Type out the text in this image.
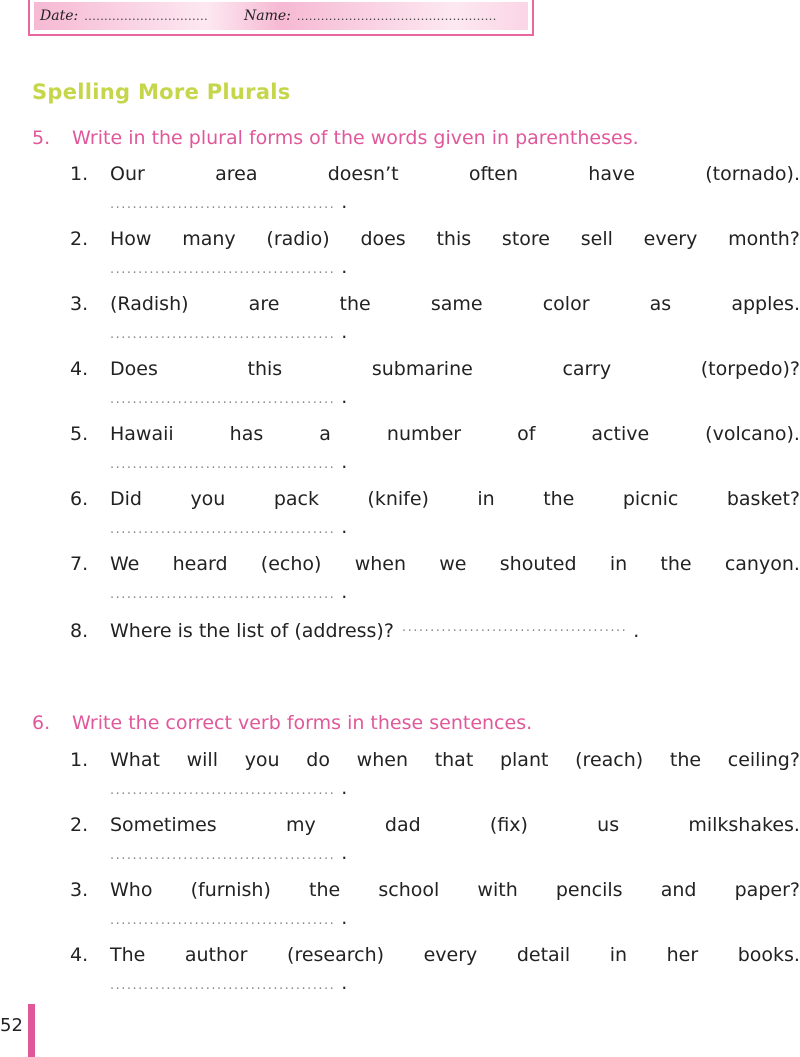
Date: ...............................	Name: ..................................................
Spelling More Plurals
5. Write in the plural forms of the words given in parentheses.
1.	Our	area	doesn’t	often	have	(tornado).
........................................ .
2.	How many (radio) does this store sell every month?
........................................ .
3.	(Radish)	are	the	same	color	as	apples.
........................................ .
4.	Does	this	submarine	carry	(torpedo)?
........................................ .
5.	Hawaii	has	a	number	of	active	(volcano).
........................................ .
6.	Did	you	pack	(knife)	in	the	picnic	basket?
........................................ .
7.	We heard (echo) when we shouted in the canyon.
........................................ .
8.	Where is the list of (address)? ........................................ .
6. Write the correct verb forms in these sentences.
1.	What will you do when that plant (reach) the ceiling?
........................................ .
2.	Sometimes	my	dad	(fix)	us	milkshakes.
........................................ .
3.	Who (furnish) the school with pencils and paper?
........................................ .
4.	The author (research) every detail in her books.
........................................ .
52
